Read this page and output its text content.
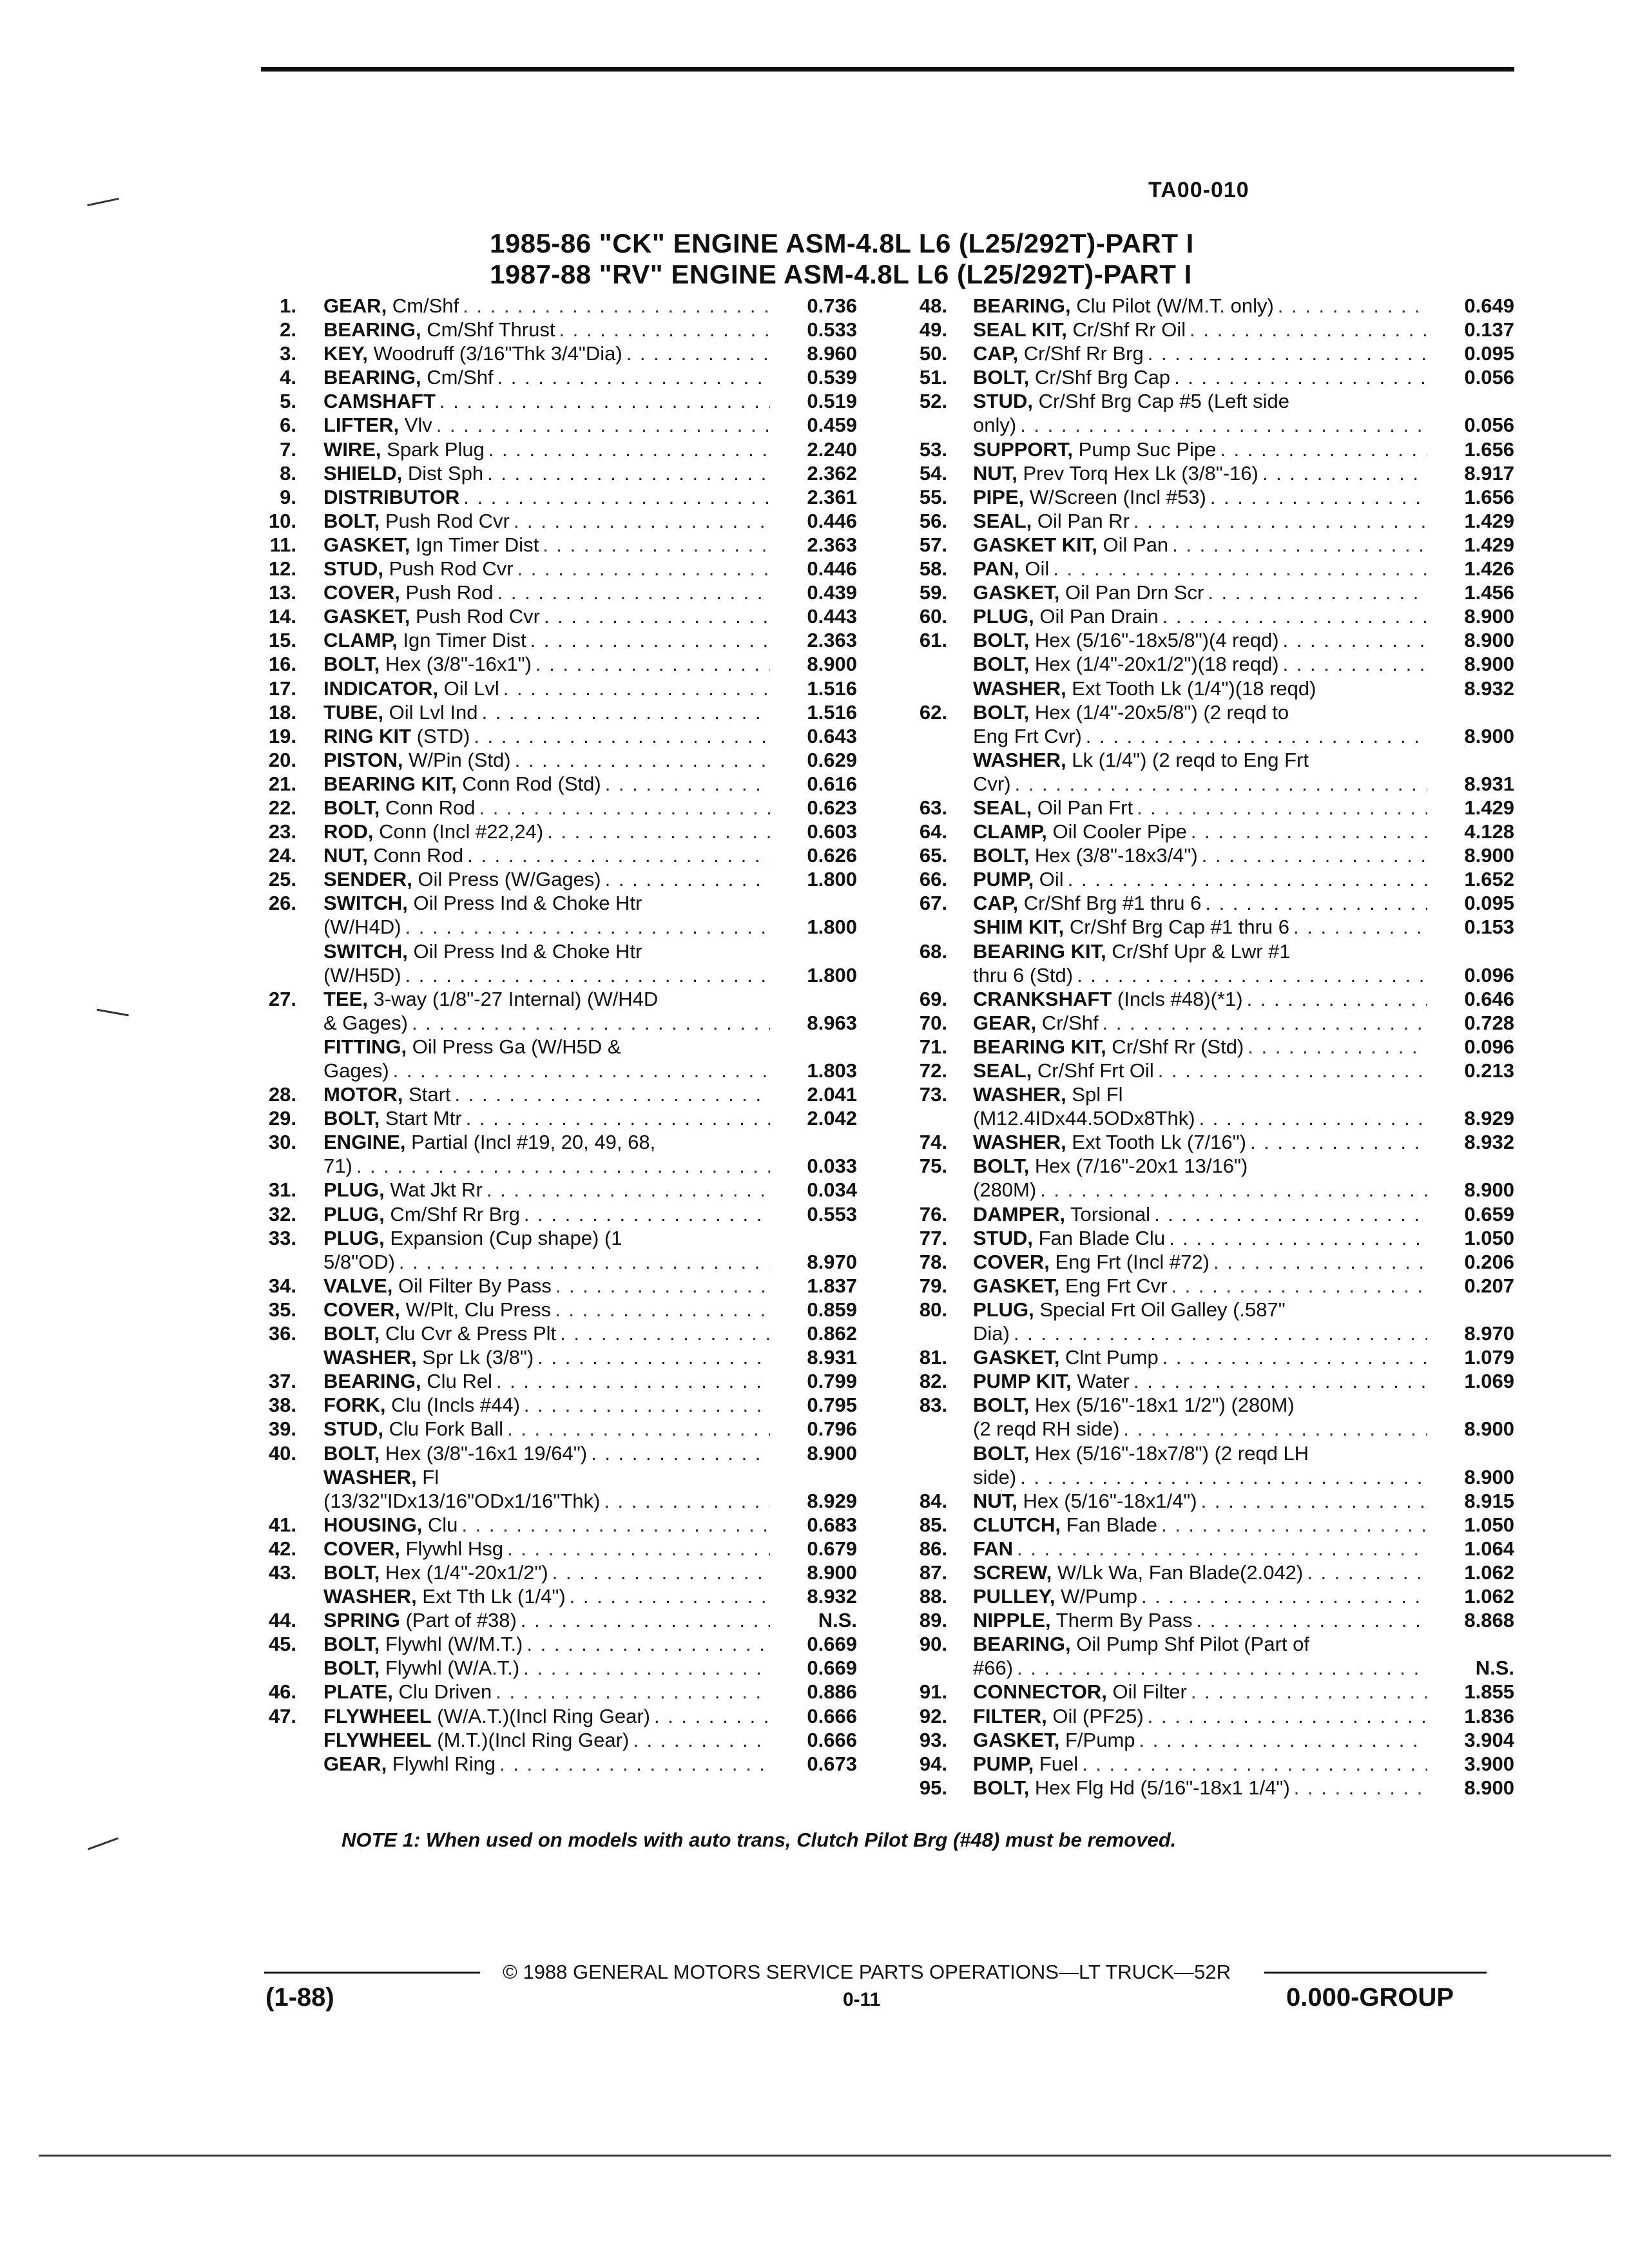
TA00-010
1985-86 "CK" ENGINE ASM-4.8L L6 (L25/292T)-PART I
1987-88 "RV" ENGINE ASM-4.8L L6 (L25/292T)-PART I
1. GEAR, Cm/Shf . . .	0.736
2. BEARING, Cm/Shf Thrust . . .	0.533
3. KEY, Woodruff (3/16"Thk 3/4"Dia) . . .	8.960
4. BEARING, Cm/Shf . . .	0.539
5. CAMSHAFT . . .	0.519
6. LIFTER, Vlv . . .	0.459
7. WIRE, Spark Plug . . .	2.240
8. SHIELD, Dist Sph . . .	2.362
9. DISTRIBUTOR . . .	2.361
10. BOLT, Push Rod Cvr . . .	0.446
11. GASKET, Ign Timer Dist . . .	2.363
12. STUD, Push Rod Cvr . . .	0.446
13. COVER, Push Rod . . .	0.439
14. GASKET, Push Rod Cvr . . .	0.443
15. CLAMP, Ign Timer Dist . . .	2.363
16. BOLT, Hex (3/8"-16x1") . . .	8.900
17. INDICATOR, Oil Lvl . . .	1.516
18. TUBE, Oil Lvl Ind . . .	1.516
19. RING KIT (STD) . . .	0.643
20. PISTON, W/Pin (Std) . . .	0.629
21. BEARING KIT, Conn Rod (Std) . . .	0.616
22. BOLT, Conn Rod . . .	0.623
23. ROD, Conn (Incl #22,24) . . .	0.603
24. NUT, Conn Rod . . .	0.626
25. SENDER, Oil Press (W/Gages) . . .	1.800
26. SWITCH, Oil Press Ind & Choke Htr
(W/H4D) . . .	1.800
SWITCH, Oil Press Ind & Choke Htr
(W/H5D) . . .	1.800
27. TEE, 3-way (1/8"-27 Internal) (W/H4D
& Gages) . . .	8.963
FITTING, Oil Press Ga (W/H5D &
Gages) . . .	1.803
28. MOTOR, Start . . .	2.041
29. BOLT, Start Mtr . . .	2.042
30. ENGINE, Partial (Incl #19, 20, 49, 68,
71) . . .	0.033
31. PLUG, Wat Jkt Rr . . .	0.034
32. PLUG, Cm/Shf Rr Brg . . .	0.553
33. PLUG, Expansion (Cup shape) (1
5/8"OD) . . .	8.970
34. VALVE, Oil Filter By Pass . . .	1.837
35. COVER, W/Plt, Clu Press . . .	0.859
36. BOLT, Clu Cvr & Press Plt . . .	0.862
WASHER, Spr Lk (3/8") . . .	8.931
37. BEARING, Clu Rel . . .	0.799
38. FORK, Clu (Incls #44) . . .	0.795
39. STUD, Clu Fork Ball . . .	0.796
40. BOLT, Hex (3/8"-16x1 19/64") . . .	8.900
WASHER, Fl
(13/32"IDx13/16"ODx1/16"Thk) . . .	8.929
41. HOUSING, Clu . . .	0.683
42. COVER, Flywhl Hsg . . .	0.679
43. BOLT, Hex (1/4"-20x1/2") . . .	8.900
WASHER, Ext Tth Lk (1/4") . . .	8.932
44. SPRING (Part of #38) . . .	N.S.
45. BOLT, Flywhl (W/M.T.) . . .	0.669
BOLT, Flywhl (W/A.T.) . . .	0.669
46. PLATE, Clu Driven . . .	0.886
47. FLYWHEEL (W/A.T.)(Incl Ring Gear) . . .	0.666
FLYWHEEL (M.T.)(Incl Ring Gear) . . .	0.666
GEAR, Flywhl Ring . . .	0.673
48. BEARING, Clu Pilot (W/M.T. only) . . .	0.649
49. SEAL KIT, Cr/Shf Rr Oil . . .	0.137
50. CAP, Cr/Shf Rr Brg . . .	0.095
51. BOLT, Cr/Shf Brg Cap . . .	0.056
52. STUD, Cr/Shf Brg Cap #5 (Left side
only) . . .	0.056
53. SUPPORT, Pump Suc Pipe . . .	1.656
54. NUT, Prev Torq Hex Lk (3/8"-16) . . .	8.917
55. PIPE, W/Screen (Incl #53) . . .	1.656
56. SEAL, Oil Pan Rr . . .	1.429
57. GASKET KIT, Oil Pan . . .	1.429
58. PAN, Oil . . .	1.426
59. GASKET, Oil Pan Drn Scr . . .	1.456
60. PLUG, Oil Pan Drain . . .	8.900
61. BOLT, Hex (5/16"-18x5/8")(4 reqd) . . .	8.900
BOLT, Hex (1/4"-20x1/2")(18 reqd) . . .	8.900
WASHER, Ext Tooth Lk (1/4")(18 reqd)	8.932
62. BOLT, Hex (1/4"-20x5/8") (2 reqd to
Eng Frt Cvr) . . .	8.900
WASHER, Lk (1/4") (2 reqd to Eng Frt
Cvr) . . .	8.931
63. SEAL, Oil Pan Frt . . .	1.429
64. CLAMP, Oil Cooler Pipe . . .	4.128
65. BOLT, Hex (3/8"-18x3/4") . . .	8.900
66. PUMP, Oil . . .	1.652
67. CAP, Cr/Shf Brg #1 thru 6 . . .	0.095
SHIM KIT, Cr/Shf Brg Cap #1 thru 6 . . .	0.153
68. BEARING KIT, Cr/Shf Upr & Lwr #1
thru 6 (Std) . . .	0.096
69. CRANKSHAFT (Incls #48)(*1) . . .	0.646
70. GEAR, Cr/Shf . . .	0.728
71. BEARING KIT, Cr/Shf Rr (Std) . . .	0.096
72. SEAL, Cr/Shf Frt Oil . . .	0.213
73. WASHER, Spl Fl
(M12.4IDx44.5ODx8Thk) . . .	8.929
74. WASHER, Ext Tooth Lk (7/16") . . .	8.932
75. BOLT, Hex (7/16"-20x1 13/16")
(280M) . . .	8.900
76. DAMPER, Torsional . . .	0.659
77. STUD, Fan Blade Clu . . .	1.050
78. COVER, Eng Frt (Incl #72) . . .	0.206
79. GASKET, Eng Frt Cvr . . .	0.207
80. PLUG, Special Frt Oil Galley (.587"
Dia) . . .	8.970
81. GASKET, Clnt Pump . . .	1.079
82. PUMP KIT, Water . . .	1.069
83. BOLT, Hex (5/16"-18x1 1/2") (280M)
(2 reqd RH side) . . .	8.900
BOLT, Hex (5/16"-18x7/8") (2 reqd LH
side) . . .	8.900
84. NUT, Hex (5/16"-18x1/4") . . .	8.915
85. CLUTCH, Fan Blade . . .	1.050
86. FAN . . .	1.064
87. SCREW, W/Lk Wa, Fan Blade(2.042) . . .	1.062
88. PULLEY, W/Pump . . .	1.062
89. NIPPLE, Therm By Pass . . .	8.868
90. BEARING, Oil Pump Shf Pilot (Part of
#66) . . .	N.S.
91. CONNECTOR, Oil Filter . . .	1.855
92. FILTER, Oil (PF25) . . .	1.836
93. GASKET, F/Pump . . .	3.904
94. PUMP, Fuel . . .	3.900
95. BOLT, Hex Flg Hd (5/16"-18x1 1/4") . . .	8.900
NOTE 1: When used on models with auto trans, Clutch Pilot Brg (#48) must be removed.
© 1988 GENERAL MOTORS SERVICE PARTS OPERATIONS—LT TRUCK—52R
(1-88)	0-11	0.000-GROUP
